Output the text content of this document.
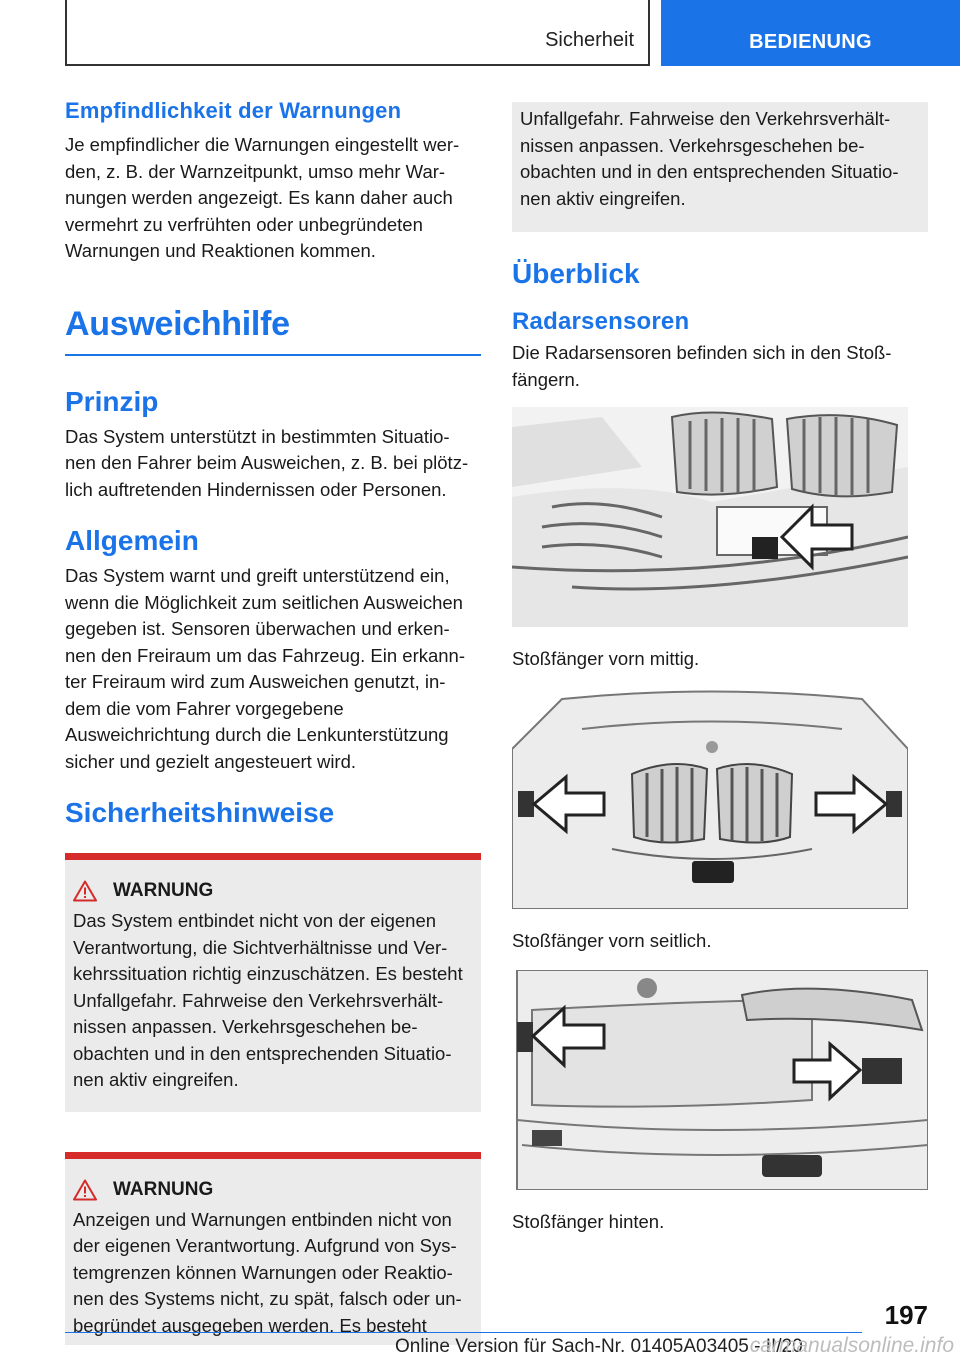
Sicherheit	BEDIENUNG
Empfindlichkeit der Warnungen
Je empfindlicher die Warnungen eingestellt wer-
den, z. B. der Warnzeitpunkt, umso mehr War-
nungen werden angezeigt. Es kann daher auch
vermehrt zu verfrühten oder unbegründeten
Warnungen und Reaktionen kommen.
Ausweichhilfe
Prinzip
Das System unterstützt in bestimmten Situatio-
nen den Fahrer beim Ausweichen, z. B. bei plötz-
lich auftretenden Hindernissen oder Personen.
Allgemein
Das System warnt und greift unterstützend ein,
wenn die Möglichkeit zum seitlichen Ausweichen
gegeben ist. Sensoren überwachen und erken-
nen den Freiraum um das Fahrzeug. Ein erkann-
ter Freiraum wird zum Ausweichen genutzt, in-
dem die vom Fahrer vorgegebene
Ausweichrichtung durch die Lenkunterstützung
sicher und gezielt angesteuert wird.
Sicherheitshinweise
WARNUNG
Das System entbindet nicht von der eigenen
Verantwortung, die Sichtverhältnisse und Ver-
kehrssituation richtig einzuschätzen. Es besteht
Unfallgefahr. Fahrweise den Verkehrsverhält-
nissen anpassen. Verkehrsgeschehen be-
obachten und in den entsprechenden Situatio-
nen aktiv eingreifen.
WARNUNG
Anzeigen und Warnungen entbinden nicht von
der eigenen Verantwortung. Aufgrund von Sys-
temgrenzen können Warnungen oder Reaktio-
nen des Systems nicht, zu spät, falsch oder un-
begründet ausgegeben werden. Es besteht
Unfallgefahr. Fahrweise den Verkehrsverhält-
nissen anpassen. Verkehrsgeschehen be-
obachten und in den entsprechenden Situatio-
nen aktiv eingreifen.
Überblick
Radarsensoren
Die Radarsensoren befinden sich in den Stoß-
fängern.
Stoßfänger vorn mittig.
Stoßfänger vorn seitlich.
Stoßfänger hinten.
197
Online Version für Sach-Nr. 01405A03405 - II/20
carmanualsonline.info
